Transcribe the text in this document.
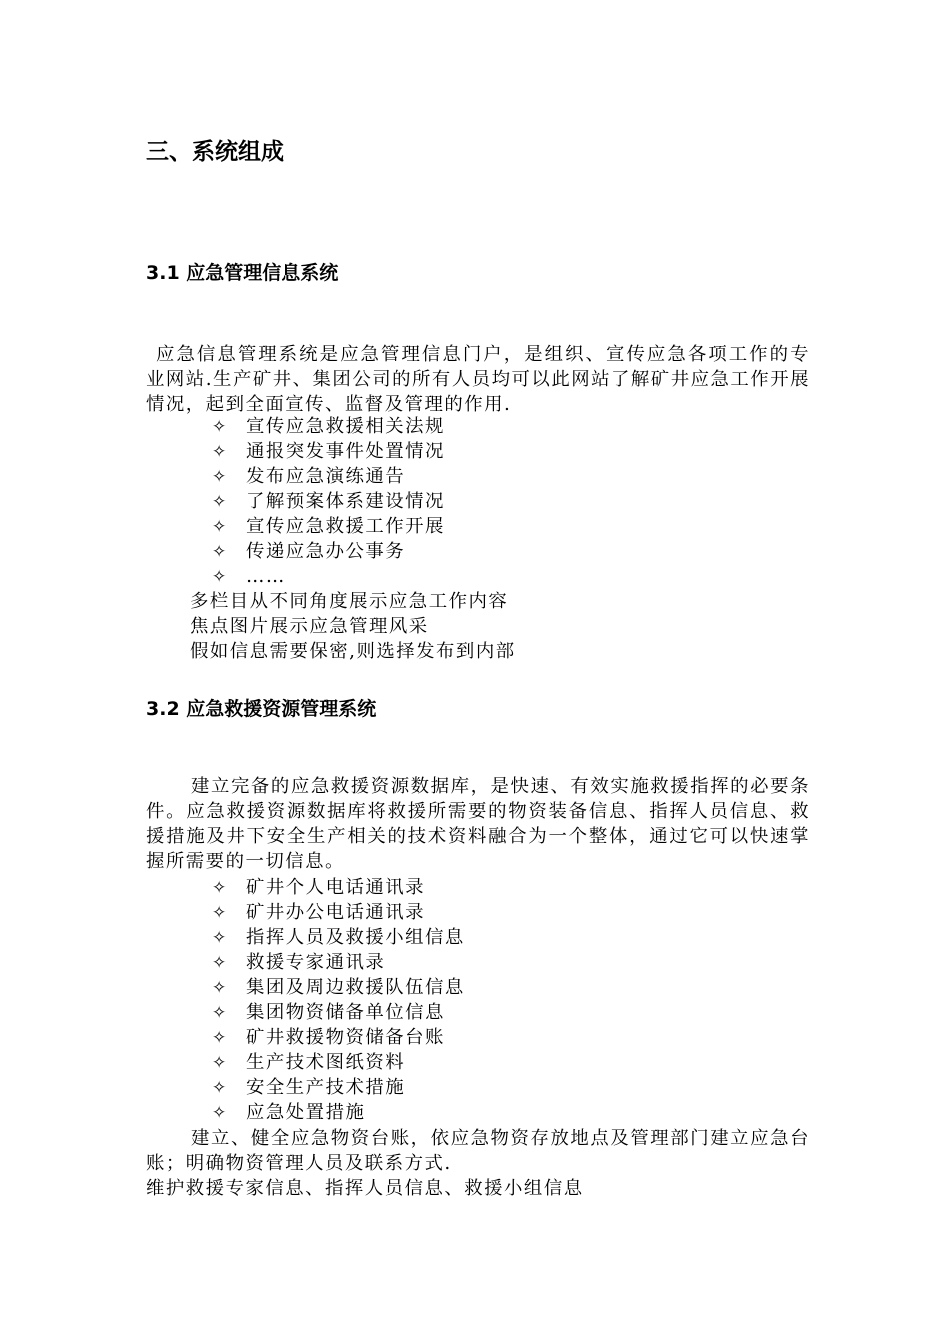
三、系统组成
3.1 应急管理信息系统
应急信息管理系统是应急管理信息门户，是组织、宣传应急各项工作的专业网站.生产矿井、集团公司的所有人员均可以此网站了解矿井应急工作开展情况，起到全面宣传、监督及管理的作用.
✧ 宣传应急救援相关法规
✧ 通报突发事件处置情况
✧ 发布应急演练通告
✧ 了解预案体系建设情况
✧ 宣传应急救援工作开展
✧ 传递应急办公事务
✧ ……
多栏目从不同角度展示应急工作内容
焦点图片展示应急管理风采
假如信息需要保密,则选择发布到内部
3.2 应急救援资源管理系统
建立完备的应急救援资源数据库，是快速、有效实施救援指挥的必要条件。应急救援资源数据库将救援所需要的物资装备信息、指挥人员信息、救援措施及井下安全生产相关的技术资料融合为一个整体，通过它可以快速掌握所需要的一切信息。
✧ 矿井个人电话通讯录
✧ 矿井办公电话通讯录
✧ 指挥人员及救援小组信息
✧ 救援专家通讯录
✧ 集团及周边救援队伍信息
✧ 集团物资储备单位信息
✧ 矿井救援物资储备台账
✧ 生产技术图纸资料
✧ 安全生产技术措施
✧ 应急处置措施
建立、健全应急物资台账，依应急物资存放地点及管理部门建立应急台账；明确物资管理人员及联系方式.
维护救援专家信息、指挥人员信息、救援小组信息
